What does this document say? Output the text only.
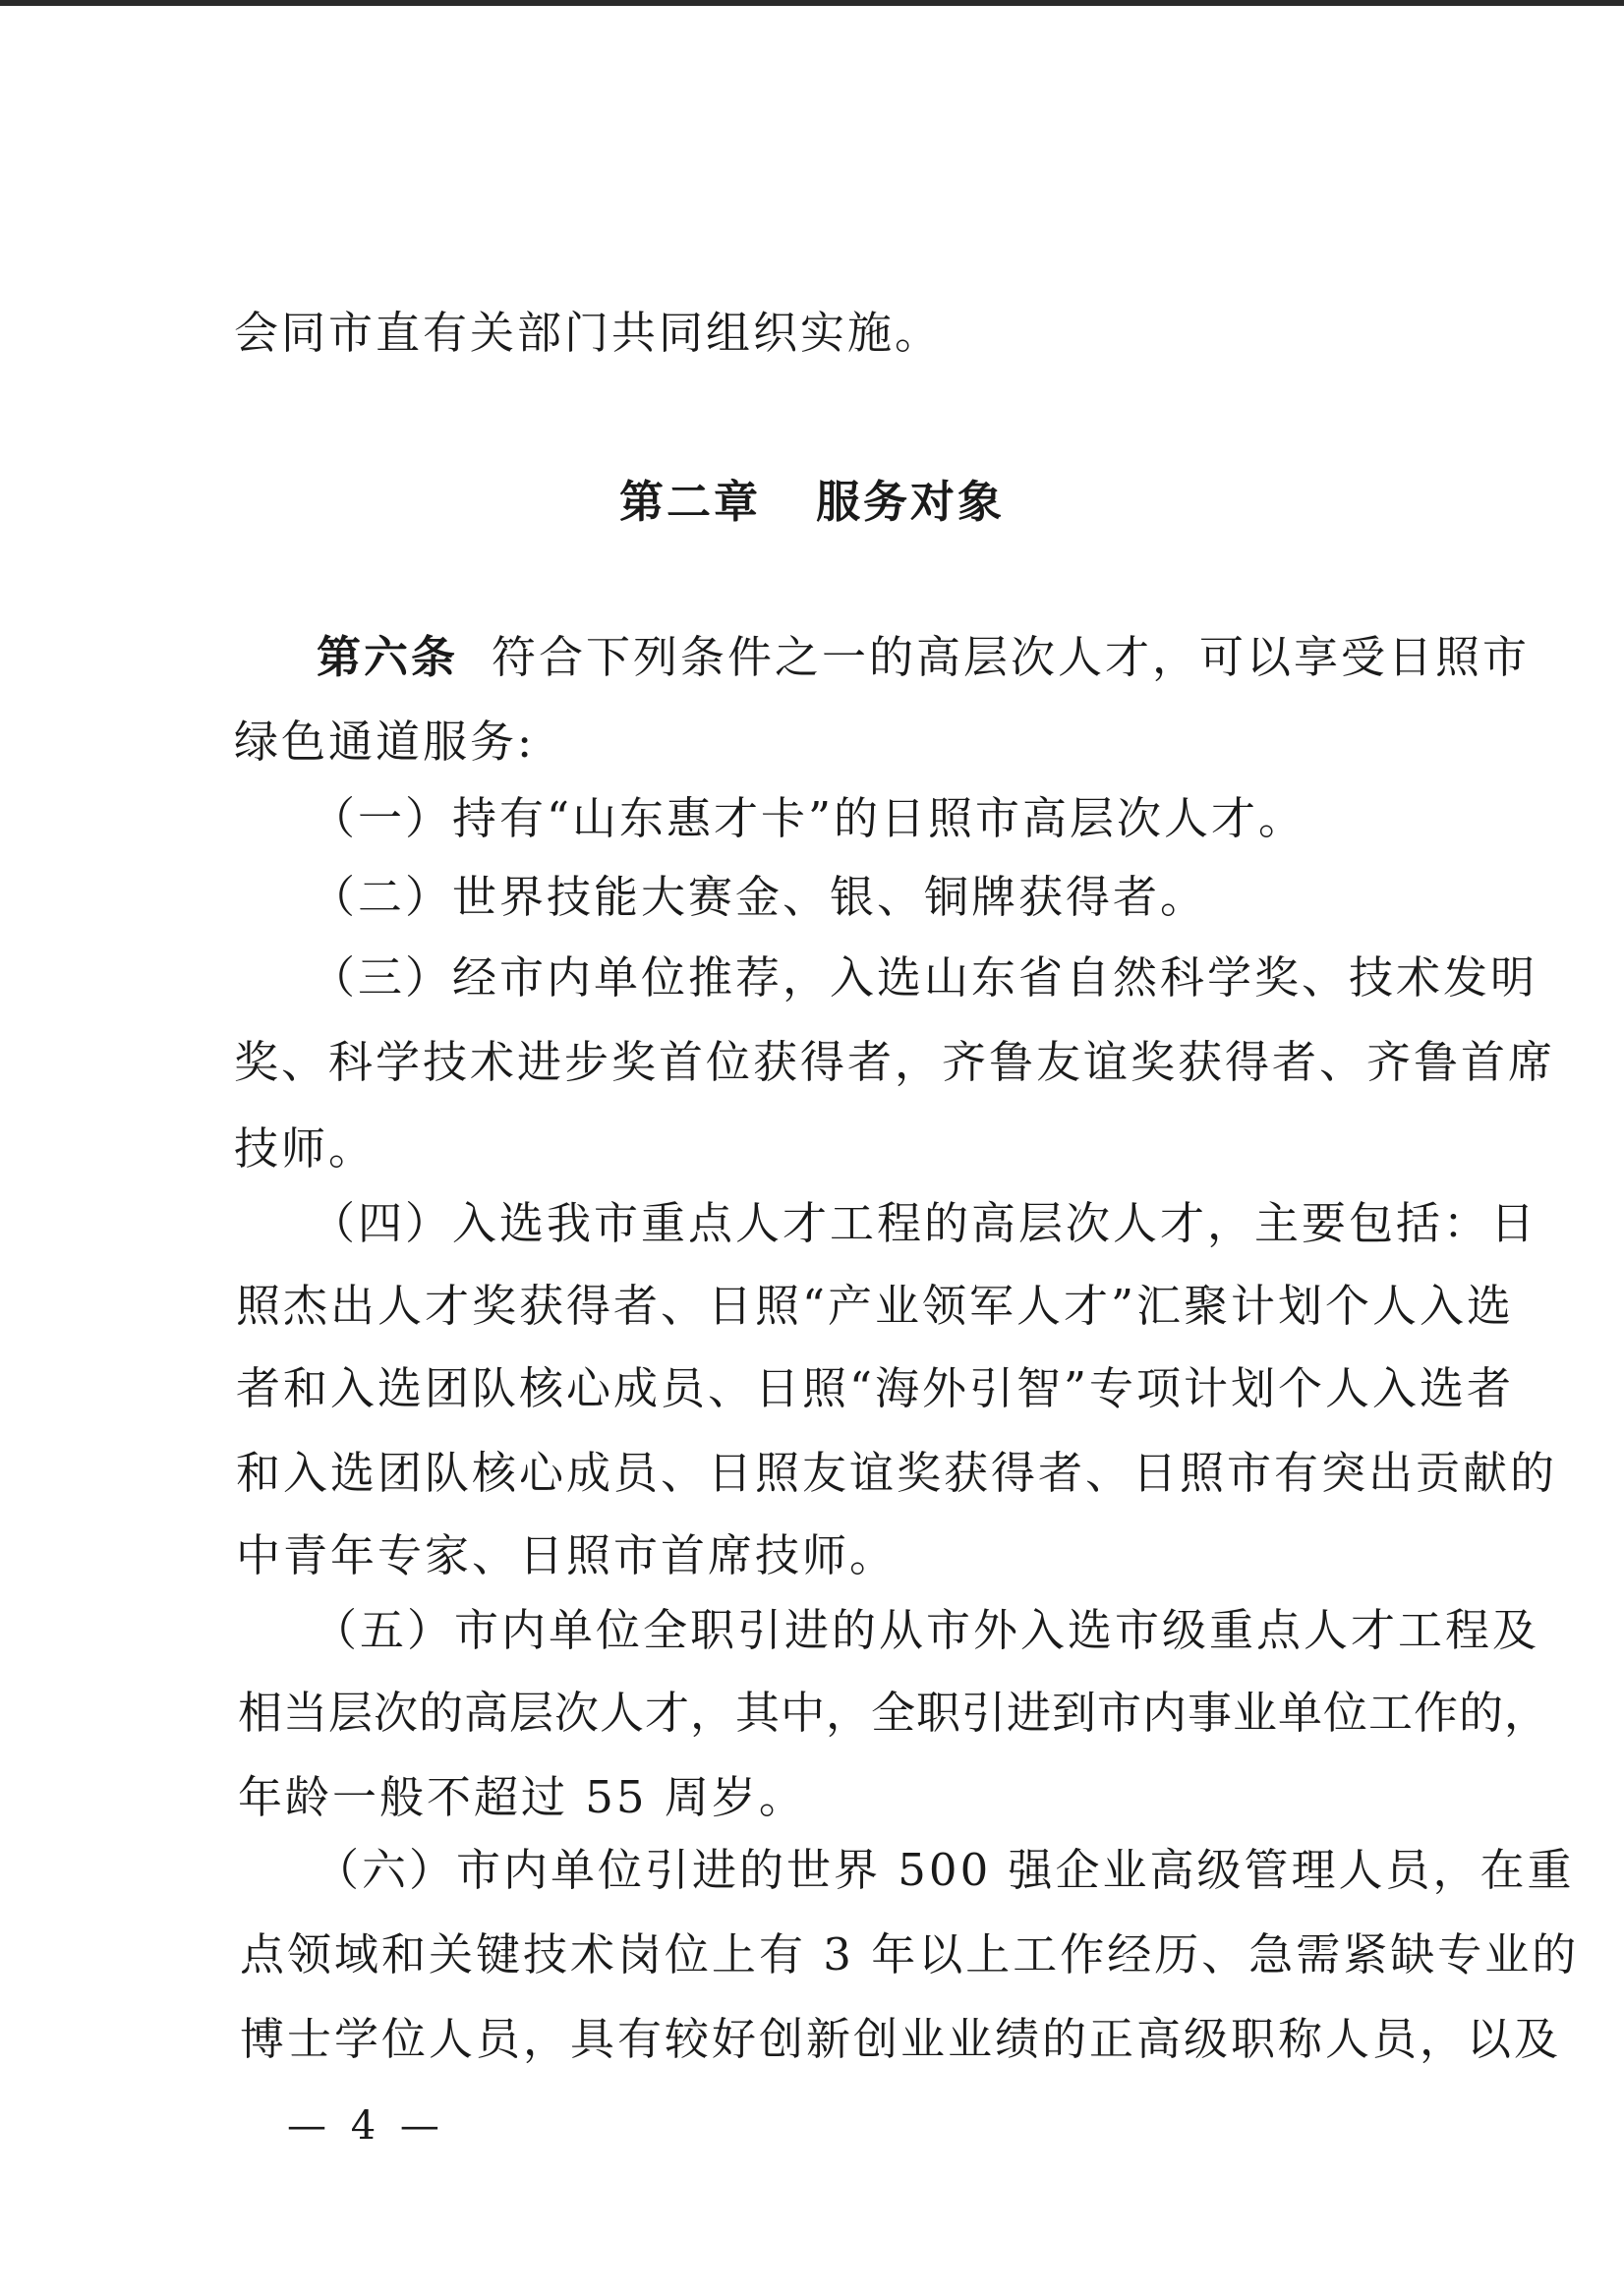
会同市直有关部门共同组织实施。
第二章 服务对象
第六条 符合下列条件之一的高层次人才，可以享受日照市
绿色通道服务:
（一）持有“山东惠才卡”的日照市高层次人才。
（二）世界技能大赛金、银、铜牌获得者。
（三）经市内单位推荐，入选山东省自然科学奖、技术发明
奖、科学技术进步奖首位获得者，齐鲁友谊奖获得者、齐鲁首席
技师。
（四）入选我市重点人才工程的高层次人才，主要包括：日
照杰出人才奖获得者、日照“产业领军人才”汇聚计划个人入选
者和入选团队核心成员、日照“海外引智”专项计划个人入选者
和入选团队核心成员、日照友谊奖获得者、日照市有突出贡献的
中青年专家、日照市首席技师。
（五）市内单位全职引进的从市外入选市级重点人才工程及
相当层次的高层次人才，其中，全职引进到市内事业单位工作的，
年龄一般不超过 55 周岁。
（六）市内单位引进的世界 500 强企业高级管理人员，在重
点领域和关键技术岗位上有 3 年以上工作经历、急需紧缺专业的
博士学位人员，具有较好创新创业业绩的正高级职称人员，以及
— 4 —
